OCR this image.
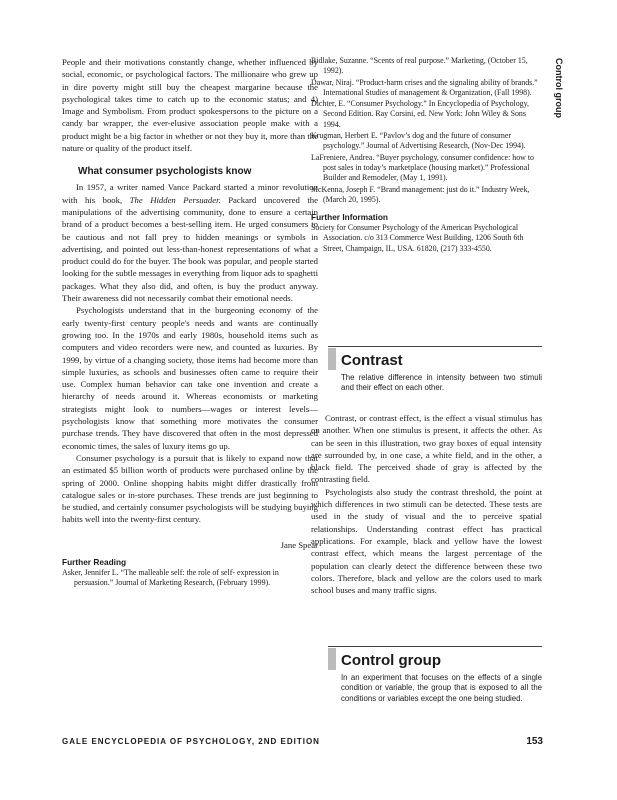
People and their motivations constantly change, whether influenced by social, economic, or psychological factors. The millionaire who grew up in dire poverty might still buy the cheapest margarine because the psychological takes time to catch up to the economic status; and 4) Image and Symbolism. From product spokespersons to the picture on a candy bar wrapper, the ever-elusive association people make with a product might be a big factor in whether or not they buy it, more than the nature or quality of the product itself.

What consumer psychologists know

In 1957, a writer named Vance Packard started a minor revolution with his book, The Hidden Persuader. Packard uncovered the manipulations of the advertising community, done to ensure a certain brand of a product becomes a best-selling item. He urged consumers to be cautious and not fall prey to hidden meanings or symbols in advertising, and pointed out less-than-honest representations of what a product could do for the buyer. The book was popular, and people started looking for the subtle messages in everything from liquor ads to spaghetti packages. What they also did, and often, is buy the product anyway. Their awareness did not necessarily combat their emotional needs.

Psychologists understand that in the burgeoning economy of the early twenty-first century people's needs and wants are continually growing too. In the 1970s and early 1980s, household items such as computers and video recorders were new, and counted as luxuries. By 1999, by virtue of a changing society, those items had become more than simple luxuries, as schools and businesses often came to require their use. Complex human behavior can take one invention and create a hierarchy of needs around it. Whereas economists or marketing strategists might look to numbers—wages or interest levels—psychologists know that something more motivates the consumer purchase trends. They have discovered that often in the most depressed economic times, the sales of luxury items go up.

Consumer psychology is a pursuit that is likely to expand now that an estimated $5 billion worth of products were purchased online by the spring of 2000. Online shopping habits might differ drastically from catalogue sales or in-store purchases. These trends are just beginning to be studied, and certainly consumer psychologists will be studying buying habits well into the twenty-first century.

Jane Spear
Further Reading

Asker, Jennifer L. “The malleable self: the role of self- expression in persuasion.” Journal of Marketing Research, (February 1999).

Bidlake, Suzanne. “Scents of real purpose.” Marketing, (October 15, 1992).

Dawar, Niraj. “Product-harm crises and the signaling ability of brands.” International Studies of management & Organization, (Fall 1998).

Dichter, E. “Consumer Psychology.” In Encyclopedia of Psychology, Second Edition. Ray Corsini, ed. New York: John Wiley & Sons 1994.

Krugman, Herbert E. “Pavlov’s dog and the future of consumer psychology.” Journal of Advertising Research, (Nov-Dec 1994).

LaFreniere, Andrea. “Buyer psychology, consumer confidence: how to post sales in today’s marketplace (housing market).” Professional Builder and Remodeler, (May 1, 1991).

McKenna, Joseph F. “Brand management: just do it.” Industry Week, (March 20, 1995).

Further Information

Society for Consumer Psychology of the American Psychological Association. c/o 313 Commerce West Building, 1206 South 6th Street, Champaign, IL, USA. 61820, (217) 333-4550.

Contrast
The relative difference in intensity between two stimuli and their effect on each other.

Contrast, or contrast effect, is the effect a visual stimulus has on another. When one stimulus is present, it affects the other. As can be seen in this illustration, two gray boxes of equal intensity are surrounded by, in one case, a white field, and in the other, a black field. The perceived shade of gray is affected by the contrasting field.

Psychologists also study the contrast threshold, the point at which differences in two stimuli can be detected. These tests are used in the study of visual and the to perceive spatial relationships. Understanding contrast effect has practical applications. For example, black and yellow have the lowest contrast effect, which means the largest percentage of the population can clearly detect the difference between these two colors. Therefore, black and yellow are the colors used to mark school buses and many traffic signs.

Control group
In an experiment that focuses on the effects of a single condition or variable, the group that is exposed to all the conditions or variables except the one being studied.
Control group
GALE ENCYCLOPEDIA OF PSYCHOLOGY, 2ND EDITION	153
